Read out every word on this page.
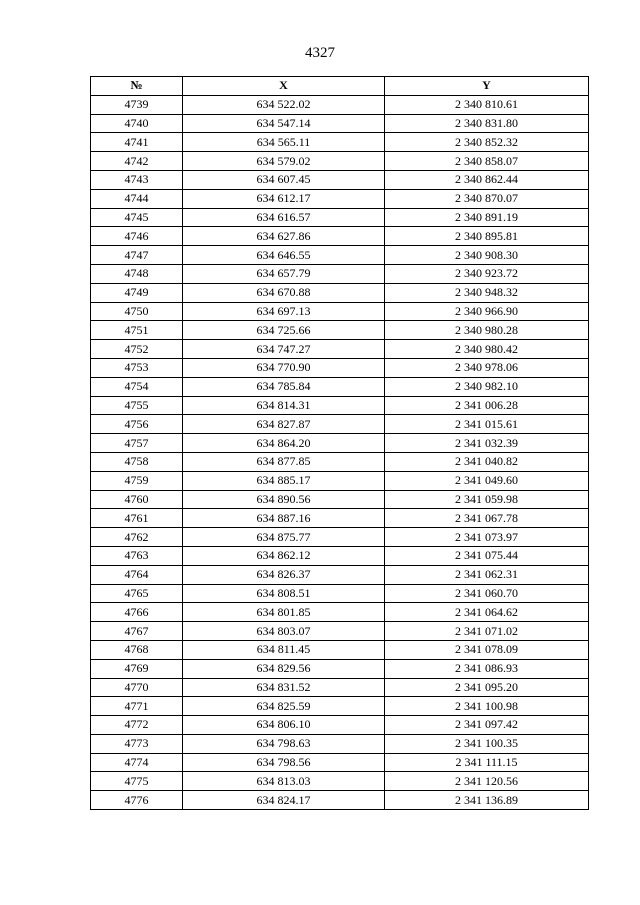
4327
№	X	Y
4739	634 522.02	2 340 810.61
4740	634 547.14	2 340 831.80
4741	634 565.11	2 340 852.32
4742	634 579.02	2 340 858.07
4743	634 607.45	2 340 862.44
4744	634 612.17	2 340 870.07
4745	634 616.57	2 340 891.19
4746	634 627.86	2 340 895.81
4747	634 646.55	2 340 908.30
4748	634 657.79	2 340 923.72
4749	634 670.88	2 340 948.32
4750	634 697.13	2 340 966.90
4751	634 725.66	2 340 980.28
4752	634 747.27	2 340 980.42
4753	634 770.90	2 340 978.06
4754	634 785.84	2 340 982.10
4755	634 814.31	2 341 006.28
4756	634 827.87	2 341 015.61
4757	634 864.20	2 341 032.39
4758	634 877.85	2 341 040.82
4759	634 885.17	2 341 049.60
4760	634 890.56	2 341 059.98
4761	634 887.16	2 341 067.78
4762	634 875.77	2 341 073.97
4763	634 862.12	2 341 075.44
4764	634 826.37	2 341 062.31
4765	634 808.51	2 341 060.70
4766	634 801.85	2 341 064.62
4767	634 803.07	2 341 071.02
4768	634 811.45	2 341 078.09
4769	634 829.56	2 341 086.93
4770	634 831.52	2 341 095.20
4771	634 825.59	2 341 100.98
4772	634 806.10	2 341 097.42
4773	634 798.63	2 341 100.35
4774	634 798.56	2 341 111.15
4775	634 813.03	2 341 120.56
4776	634 824.17	2 341 136.89
